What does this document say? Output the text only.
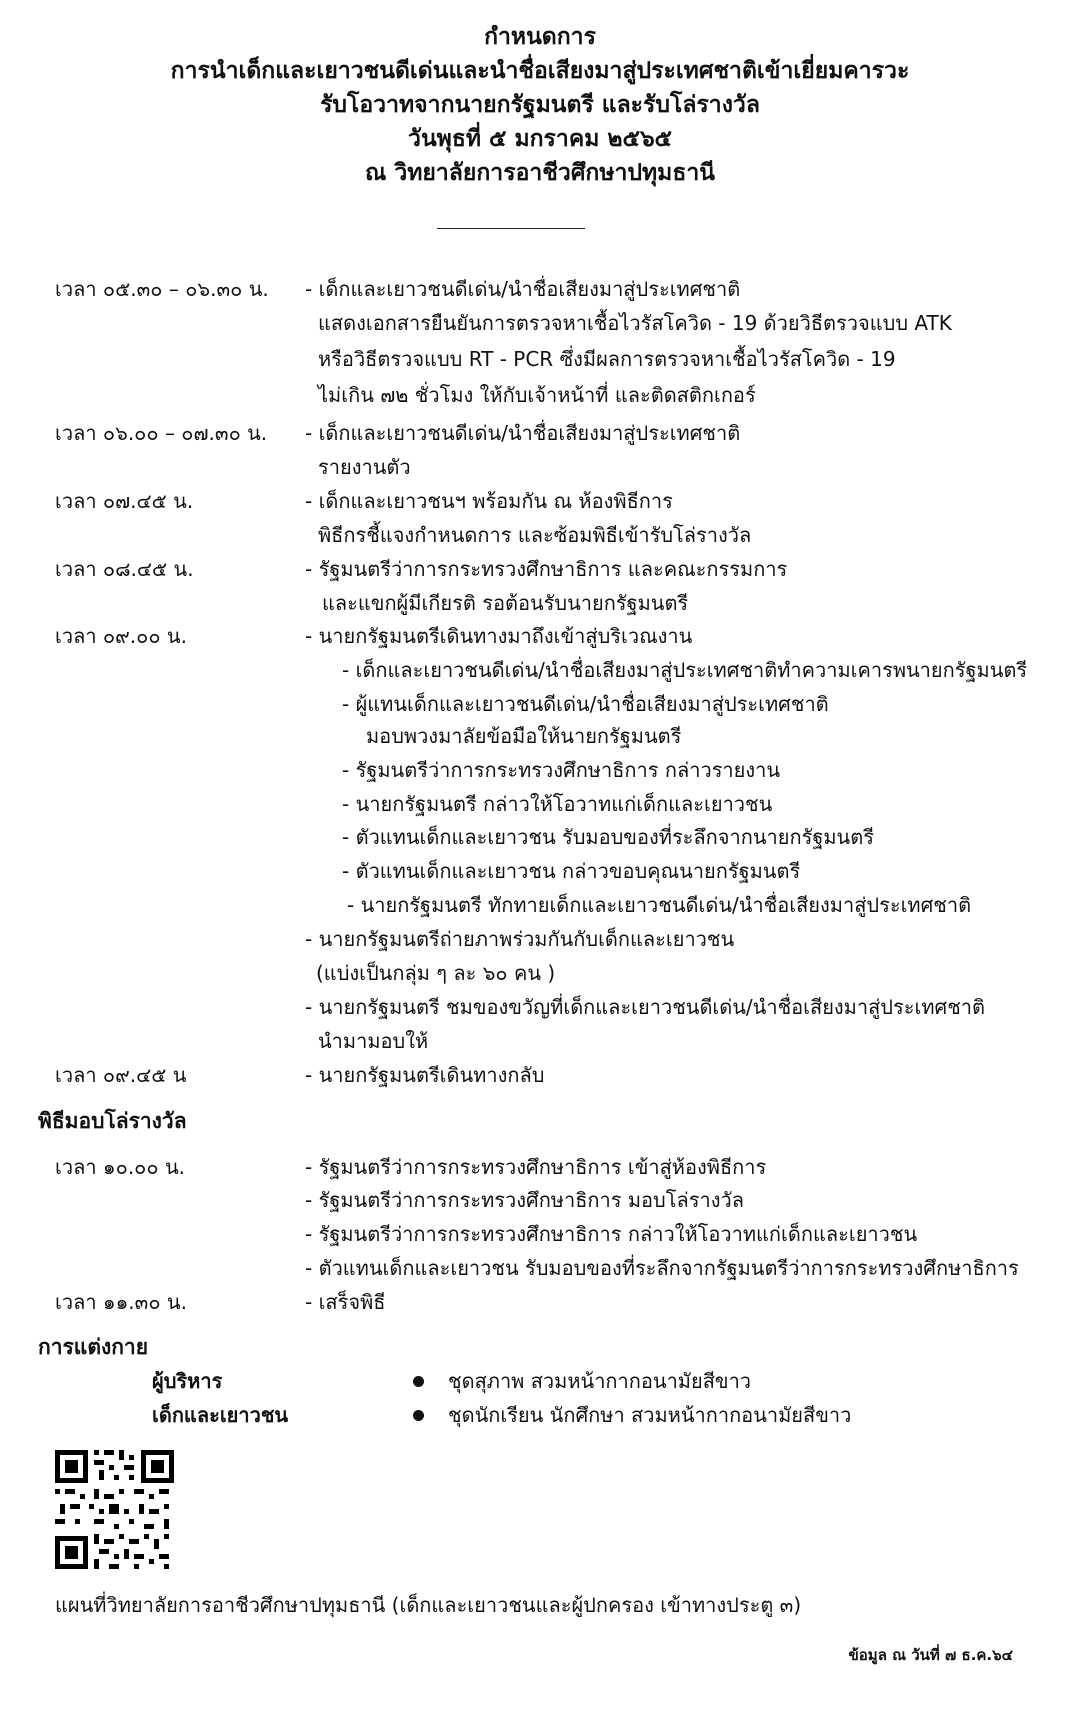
กำหนดการ

การนำเด็กและเยาวชนดีเด่นและนำชื่อเสียงมาสู่ประเทศชาติเข้าเยี่ยมคารวะ

รับโอวาทจากนายกรัฐมนตรี และรับโล่รางวัล

วันพุธที่ ๕ มกราคม ๒๕๖๕

ณ วิทยาลัยการอาชีวศึกษาปทุมธานี

เวลา ๐๕.๓๐ – ๐๖.๓๐ น. - เด็กและเยาวชนดีเด่น/นำชื่อเสียงมาสู่ประเทศชาติ
แสดงเอกสารยืนยันการตรวจหาเชื้อไวรัสโควิด - 19 ด้วยวิธีตรวจแบบ ATK
หรือวิธีตรวจแบบ RT - PCR ซึ่งมีผลการตรวจหาเชื้อไวรัสโควิด - 19
ไม่เกิน ๗๒ ชั่วโมง ให้กับเจ้าหน้าที่ และติดสติกเกอร์
เวลา ๐๖.๐๐ – ๐๗.๓๐ น. - เด็กและเยาวชนดีเด่น/นำชื่อเสียงมาสู่ประเทศชาติ
รายงานตัว
เวลา ๐๗.๔๕ น.	- เด็กและเยาวชนฯ พร้อมกัน ณ ห้องพิธีการ
พิธีกรชี้แจงกำหนดการ และซ้อมพิธีเข้ารับโล่รางวัล
เวลา ๐๘.๔๕ น.	- รัฐมนตรีว่าการกระทรวงศึกษาธิการ และคณะกรรมการ
และแขกผู้มีเกียรติ รอต้อนรับนายกรัฐมนตรี
เวลา ๐๙.๐๐ น.	- นายกรัฐมนตรีเดินทางมาถึงเข้าสู่บริเวณงาน
- เด็กและเยาวชนดีเด่น/นำชื่อเสียงมาสู่ประเทศชาติทำความเคารพนายกรัฐมนตรี
- ผู้แทนเด็กและเยาวชนดีเด่น/นำชื่อเสียงมาสู่ประเทศชาติ
มอบพวงมาลัยข้อมือให้นายกรัฐมนตรี
- รัฐมนตรีว่าการกระทรวงศึกษาธิการ กล่าวรายงาน
- นายกรัฐมนตรี กล่าวให้โอวาทแก่เด็กและเยาวชน
- ตัวแทนเด็กและเยาวชน รับมอบของที่ระลึกจากนายกรัฐมนตรี
- ตัวแทนเด็กและเยาวชน กล่าวขอบคุณนายกรัฐมนตรี
- นายกรัฐมนตรี ทักทายเด็กและเยาวชนดีเด่น/นำชื่อเสียงมาสู่ประเทศชาติ
- นายกรัฐมนตรีถ่ายภาพร่วมกันกับเด็กและเยาวชน
(แบ่งเป็นกลุ่ม ๆ ละ ๖๐ คน )
- นายกรัฐมนตรี ชมของขวัญที่เด็กและเยาวชนดีเด่น/นำชื่อเสียงมาสู่ประเทศชาติ
นำมามอบให้
เวลา ๐๙.๔๕ น	- นายกรัฐมนตรีเดินทางกลับ
พิธีมอบโล่รางวัล
เวลา ๑๐.๐๐ น.	- รัฐมนตรีว่าการกระทรวงศึกษาธิการ เข้าสู่ห้องพิธีการ
- รัฐมนตรีว่าการกระทรวงศึกษาธิการ มอบโล่รางวัล
- รัฐมนตรีว่าการกระทรวงศึกษาธิการ กล่าวให้โอวาทแก่เด็กและเยาวชน
- ตัวแทนเด็กและเยาวชน รับมอบของที่ระลึกจากรัฐมนตรีว่าการกระทรวงศึกษาธิการ
เวลา ๑๑.๓๐ น.	- เสร็จพิธี
การแต่งกาย
ผู้บริหาร	ชุดสุภาพ สวมหน้ากากอนามัยสีขาว
เด็กและเยาวชน	ชุดนักเรียน นักศึกษา สวมหน้ากากอนามัยสีขาว
แผนที่วิทยาลัยการอาชีวศึกษาปทุมธานี (เด็กและเยาวชนและผู้ปกครอง เข้าทางประตู ๓)
ข้อมูล ณ วันที่ ๗ ธ.ค.๖๔
